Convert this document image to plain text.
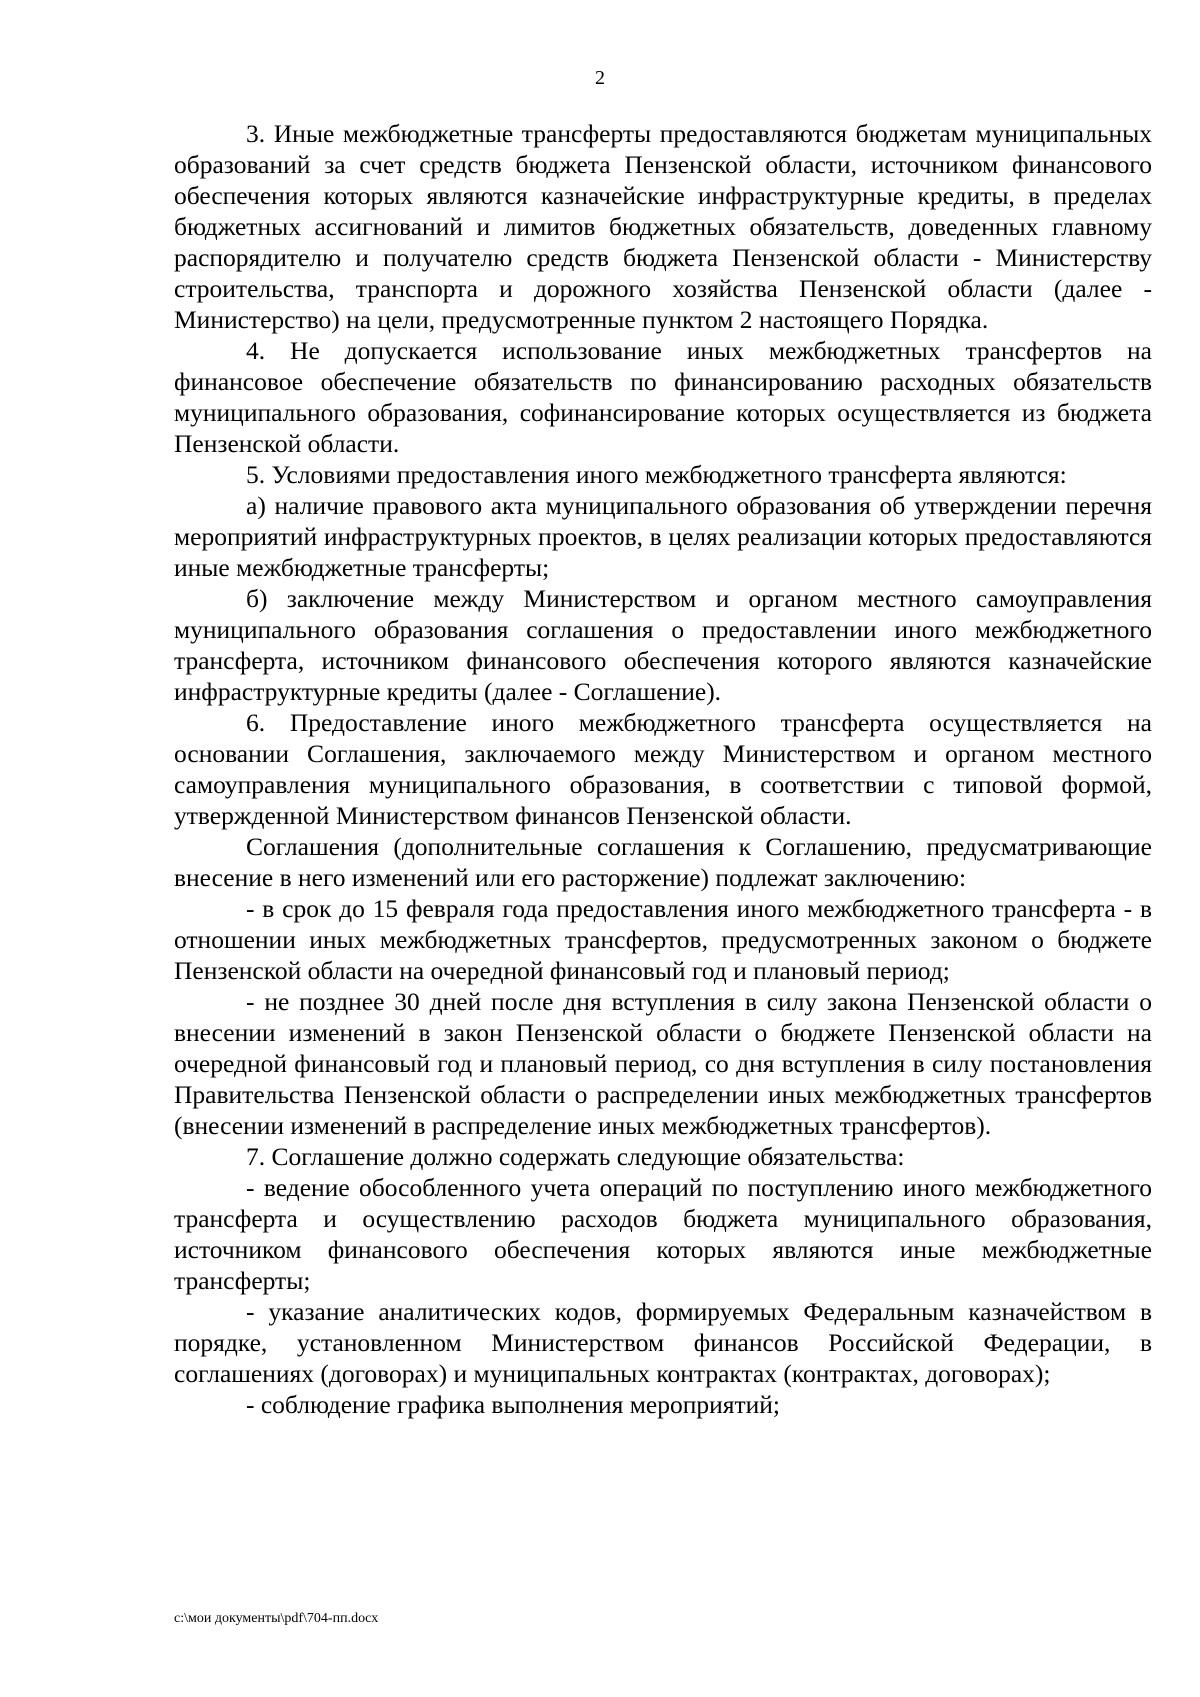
2

3. Иные межбюджетные трансферты предоставляются бюджетам муниципальных образований за счет средств бюджета Пензенской области, источником финансового обеспечения которых являются казначейские инфраструктурные кредиты, в пределах бюджетных ассигнований и лимитов бюджетных обязательств, доведенных главному распорядителю и получателю средств бюджета Пензенской области - Министерству строительства, транспорта и дорожного хозяйства Пензенской области (далее - Министерство) на цели, предусмотренные пунктом 2 настоящего Порядка.

4. Не допускается использование иных межбюджетных трансфертов на финансовое обеспечение обязательств по финансированию расходных обязательств муниципального образования, софинансирование которых осуществляется из бюджета Пензенской области.

5. Условиями предоставления иного межбюджетного трансферта являются:

а) наличие правового акта муниципального образования об утверждении перечня мероприятий инфраструктурных проектов, в целях реализации которых предоставляются иные межбюджетные трансферты;

б) заключение между Министерством и органом местного самоуправления муниципального образования соглашения о предоставлении иного межбюджетного трансферта, источником финансового обеспечения которого являются казначейские инфраструктурные кредиты (далее - Соглашение).

6. Предоставление иного межбюджетного трансферта осуществляется на основании Соглашения, заключаемого между Министерством и органом местного самоуправления муниципального образования, в соответствии с типовой формой, утвержденной Министерством финансов Пензенской области.

Соглашения (дополнительные соглашения к Соглашению, предусматривающие внесение в него изменений или его расторжение) подлежат заключению:

- в срок до 15 февраля года предоставления иного межбюджетного трансферта - в отношении иных межбюджетных трансфертов, предусмотренных законом о бюджете Пензенской области на очередной финансовый год и плановый период;

- не позднее 30 дней после дня вступления в силу закона Пензенской области о внесении изменений в закон Пензенской области о бюджете Пензенской области на очередной финансовый год и плановый период, со дня вступления в силу постановления Правительства Пензенской области о распределении иных межбюджетных трансфертов (внесении изменений в распределение иных межбюджетных трансфертов).

7. Соглашение должно содержать следующие обязательства:

- ведение обособленного учета операций по поступлению иного межбюджетного трансферта и осуществлению расходов бюджета муниципального образования, источником финансового обеспечения которых являются иные межбюджетные трансферты;

- указание аналитических кодов, формируемых Федеральным казначейством в порядке, установленном Министерством финансов Российской Федерации, в соглашениях (договорах) и муниципальных контрактах (контрактах, договорах);

- соблюдение графика выполнения мероприятий;

c:\мои документы\pdf\704-пп.docx
